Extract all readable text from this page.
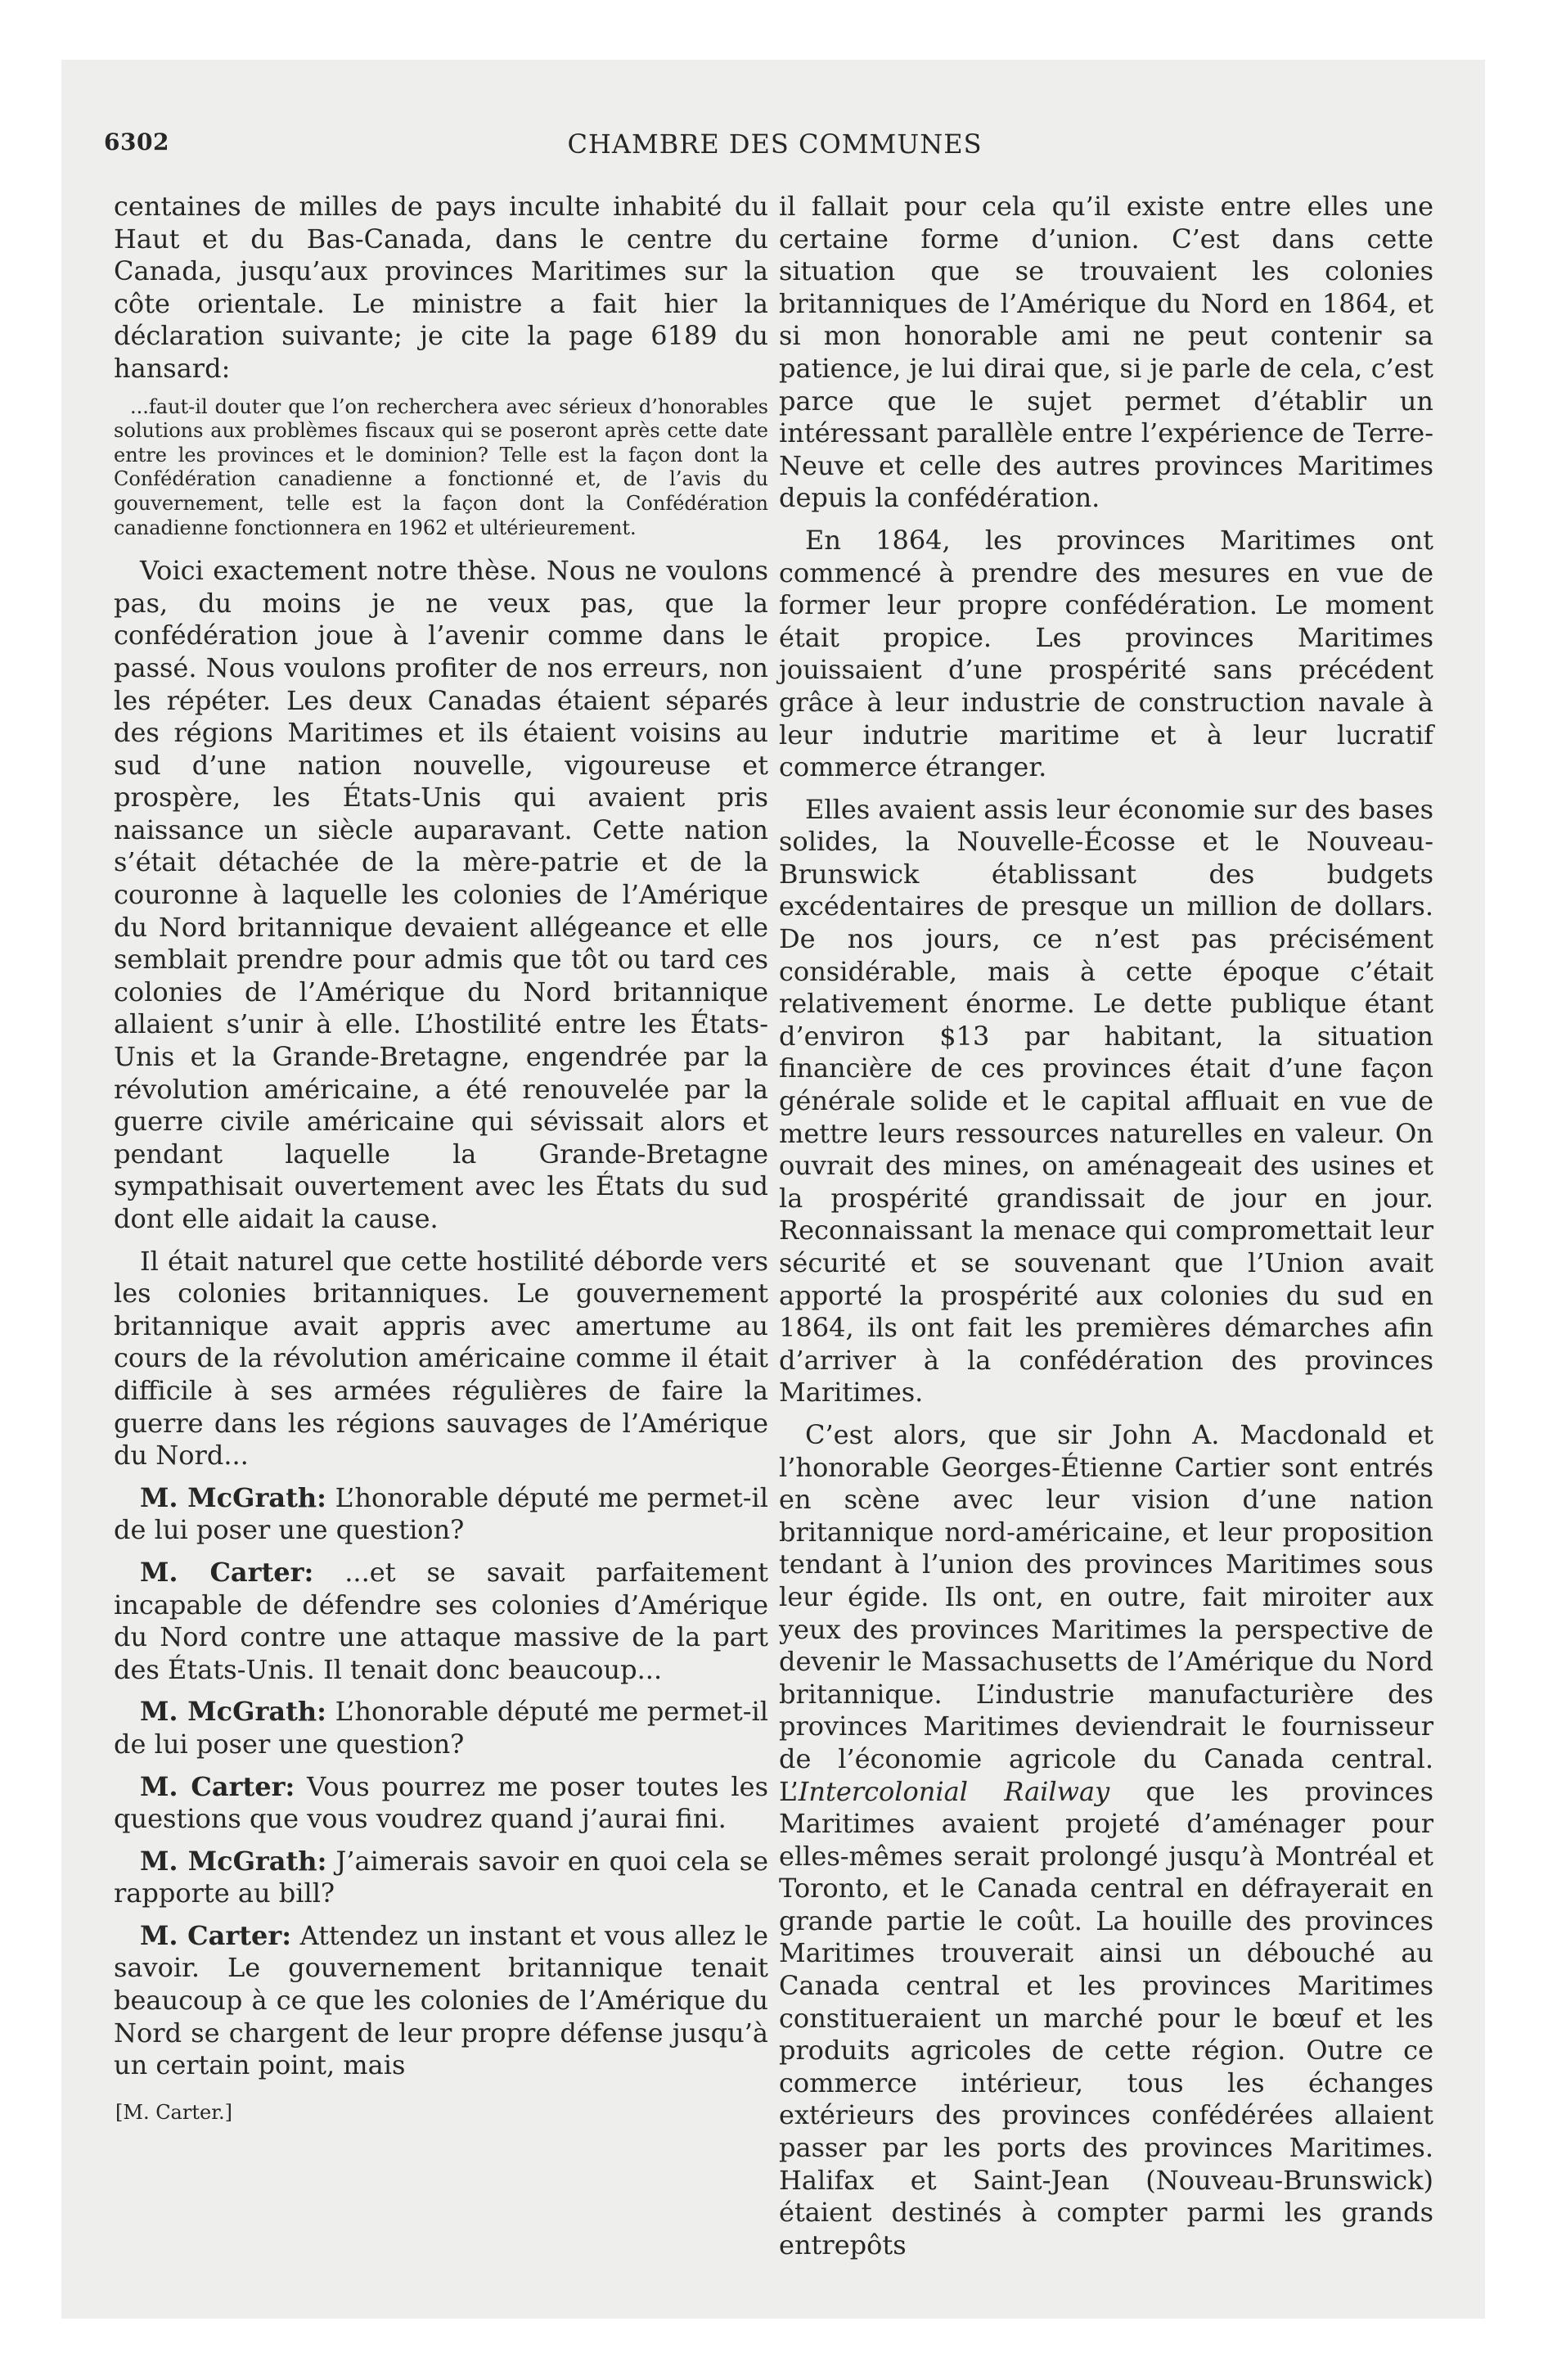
6302	CHAMBRE DES COMMUNES

centaines de milles de pays inculte inhabité du Haut et du Bas-Canada, dans le centre du Canada, jusqu’aux provinces Maritimes sur la côte orientale. Le ministre a fait hier la déclaration suivante; je cite la page 6189 du hansard:

...faut-il douter que l’on recherchera avec sérieux d’honorables solutions aux problèmes fiscaux qui se poseront après cette date entre les provinces et le dominion? Telle est la façon dont la Confédération canadienne a fonctionné et, de l’avis du gouvernement, telle est la façon dont la Confédération canadienne fonctionnera en 1962 et ultérieurement.

Voici exactement notre thèse. Nous ne voulons pas, du moins je ne veux pas, que la confédération joue à l’avenir comme dans le passé. Nous voulons profiter de nos erreurs, non les répéter. Les deux Canadas étaient séparés des régions Maritimes et ils étaient voisins au sud d’une nation nouvelle, vigoureuse et prospère, les États-Unis qui avaient pris naissance un siècle auparavant. Cette nation s’était détachée de la mère-patrie et de la couronne à laquelle les colonies de l’Amérique du Nord britannique devaient allégeance et elle semblait prendre pour admis que tôt ou tard ces colonies de l’Amérique du Nord britannique allaient s’unir à elle. L’hostilité entre les États-Unis et la Grande-Bretagne, engendrée par la révolution américaine, a été renouvelée par la guerre civile américaine qui sévissait alors et pendant laquelle la Grande-Bretagne sympathisait ouvertement avec les États du sud dont elle aidait la cause.

Il était naturel que cette hostilité déborde vers les colonies britanniques. Le gouvernement britannique avait appris avec amertume au cours de la révolution américaine comme il était difficile à ses armées régulières de faire la guerre dans les régions sauvages de l’Amérique du Nord...

M. McGrath: L’honorable député me permet-il de lui poser une question?

M. Carter: ...et se savait parfaitement incapable de défendre ses colonies d’Amérique du Nord contre une attaque massive de la part des États-Unis. Il tenait donc beaucoup...

M. McGrath: L’honorable député me permet-il de lui poser une question?

M. Carter: Vous pourrez me poser toutes les questions que vous voudrez quand j’aurai fini.

M. McGrath: J’aimerais savoir en quoi cela se rapporte au bill?

M. Carter: Attendez un instant et vous allez le savoir. Le gouvernement britannique tenait beaucoup à ce que les colonies de l’Amérique du Nord se chargent de leur propre défense jusqu’à un certain point, mais

[M. Carter.]

il fallait pour cela qu’il existe entre elles une certaine forme d’union. C’est dans cette situation que se trouvaient les colonies britanniques de l’Amérique du Nord en 1864, et si mon honorable ami ne peut contenir sa patience, je lui dirai que, si je parle de cela, c’est parce que le sujet permet d’établir un intéressant parallèle entre l’expérience de Terre-Neuve et celle des autres provinces Maritimes depuis la confédération.

En 1864, les provinces Maritimes ont commencé à prendre des mesures en vue de former leur propre confédération. Le moment était propice. Les provinces Maritimes jouissaient d’une prospérité sans précédent grâce à leur industrie de construction navale à leur indutrie maritime et à leur lucratif commerce étranger.

Elles avaient assis leur économie sur des bases solides, la Nouvelle-Écosse et le Nouveau-Brunswick établissant des budgets excédentaires de presque un million de dollars. De nos jours, ce n’est pas précisément considérable, mais à cette époque c’était relativement énorme. Le dette publique étant d’environ $13 par habitant, la situation financière de ces provinces était d’une façon générale solide et le capital affluait en vue de mettre leurs ressources naturelles en valeur. On ouvrait des mines, on aménageait des usines et la prospérité grandissait de jour en jour. Reconnaissant la menace qui compromettait leur sécurité et se souvenant que l’Union avait apporté la prospérité aux colonies du sud en 1864, ils ont fait les premières démarches afin d’arriver à la confédération des provinces Maritimes.

C’est alors, que sir John A. Macdonald et l’honorable Georges-Étienne Cartier sont entrés en scène avec leur vision d’une nation britannique nord-américaine, et leur proposition tendant à l’union des provinces Maritimes sous leur égide. Ils ont, en outre, fait miroiter aux yeux des provinces Maritimes la perspective de devenir le Massachusetts de l’Amérique du Nord britannique. L’industrie manufacturière des provinces Maritimes deviendrait le fournisseur de l’économie agricole du Canada central. L’Intercolonial Railway que les provinces Maritimes avaient projeté d’aménager pour elles-mêmes serait prolongé jusqu’à Montréal et Toronto, et le Canada central en défrayerait en grande partie le coût. La houille des provinces Maritimes trouverait ainsi un débouché au Canada central et les provinces Maritimes constitueraient un marché pour le bœuf et les produits agricoles de cette région. Outre ce commerce intérieur, tous les échanges extérieurs des provinces confédérées allaient passer par les ports des provinces Maritimes. Halifax et Saint-Jean (Nouveau-Brunswick) étaient destinés à compter parmi les grands entrepôts
